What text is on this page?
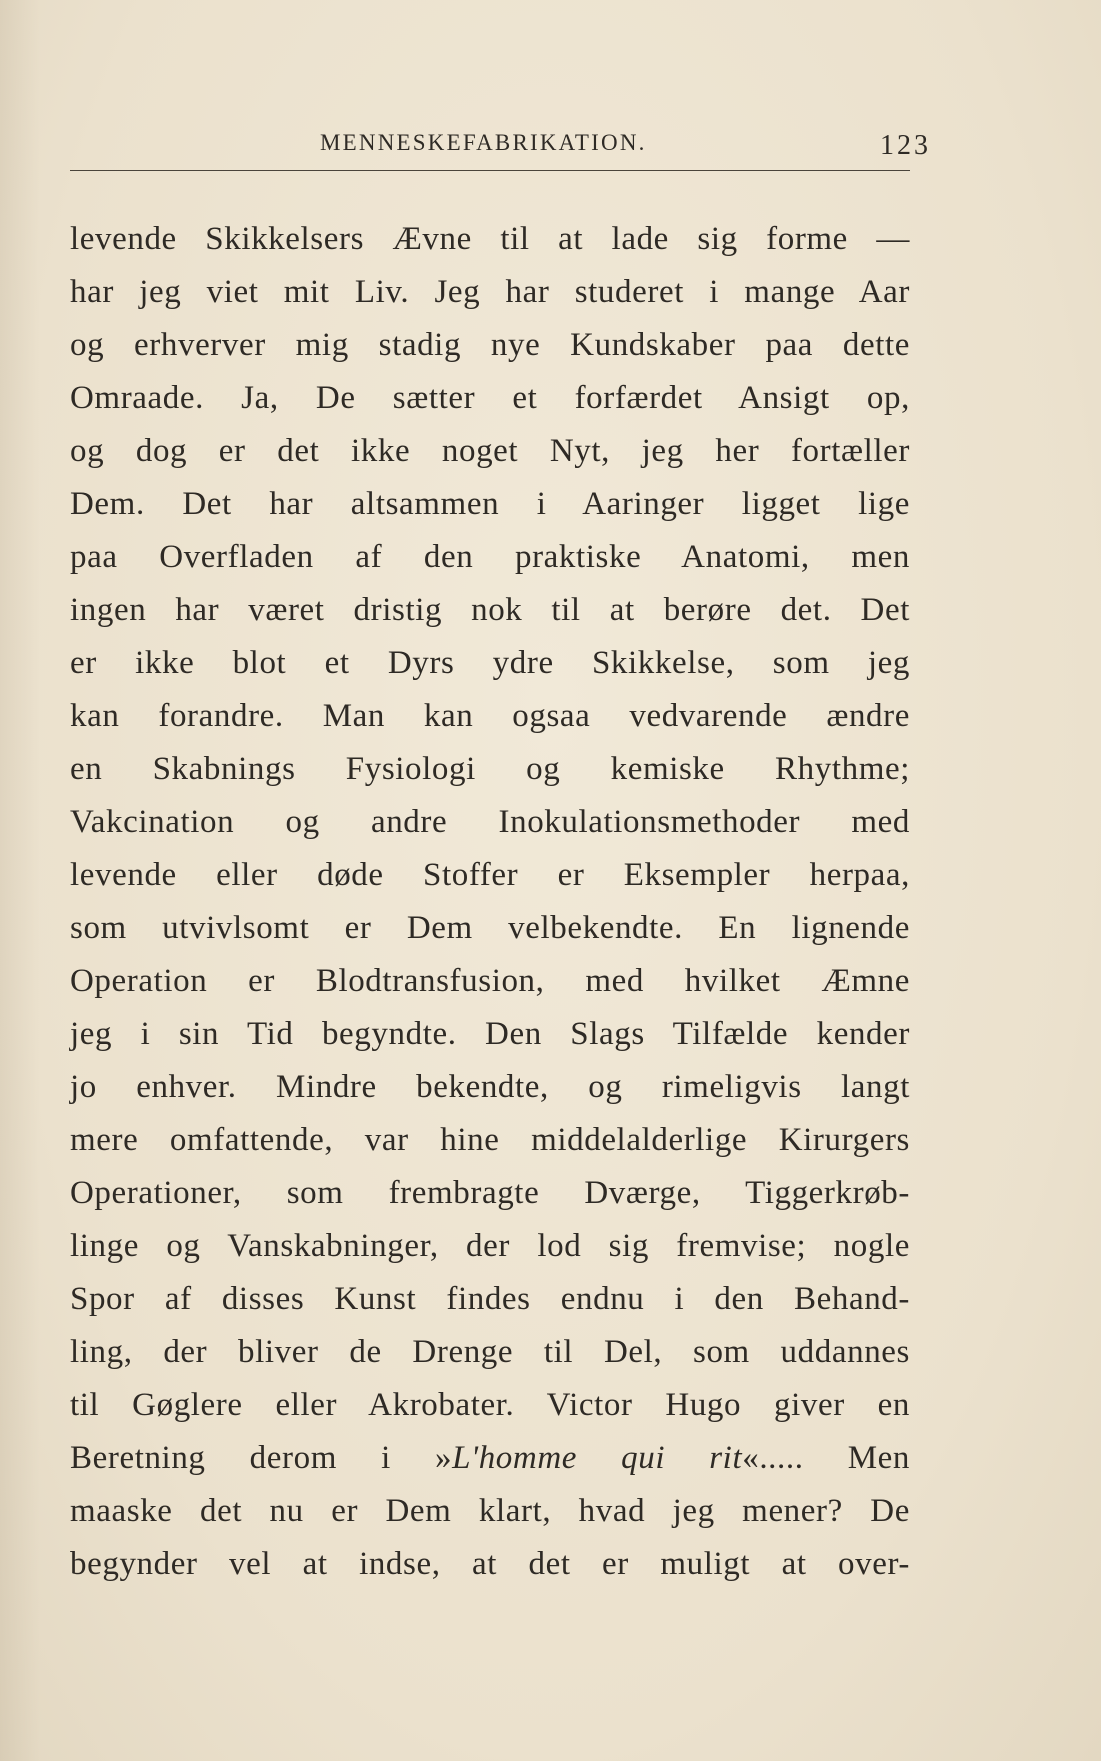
MENNESKEFABRIKATION.	123
levende Skikkelsers Ævne til at lade sig forme —
har jeg viet mit Liv. Jeg har studeret i mange Aar
og erhverver mig stadig nye Kundskaber paa dette
Omraade. Ja, De sætter et forfærdet Ansigt op,
og dog er det ikke noget Nyt, jeg her fortæller
Dem. Det har altsammen i Aaringer ligget lige
paa Overfladen af den praktiske Anatomi, men
ingen har været dristig nok til at berøre det. Det
er ikke blot et Dyrs ydre Skikkelse, som jeg
kan forandre. Man kan ogsaa vedvarende ændre
en Skabnings Fysiologi og kemiske Rhythme;
Vakcination og andre Inokulationsmethoder med
levende eller døde Stoffer er Eksempler herpaa,
som utvivlsomt er Dem velbekendte. En lignende
Operation er Blodtransfusion, med hvilket Æmne
jeg i sin Tid begyndte. Den Slags Tilfælde kender
jo enhver. Mindre bekendte, og rimeligvis langt
mere omfattende, var hine middelalderlige Kirurgers
Operationer, som frembragte Dværge, Tiggerkrøb-
linge og Vanskabninger, der lod sig fremvise; nogle
Spor af disses Kunst findes endnu i den Behand-
ling, der bliver de Drenge til Del, som uddannes
til Gøglere eller Akrobater. Victor Hugo giver en
Beretning derom i »L'homme qui rit«..... Men
maaske det nu er Dem klart, hvad jeg mener? De
begynder vel at indse, at det er muligt at over-
